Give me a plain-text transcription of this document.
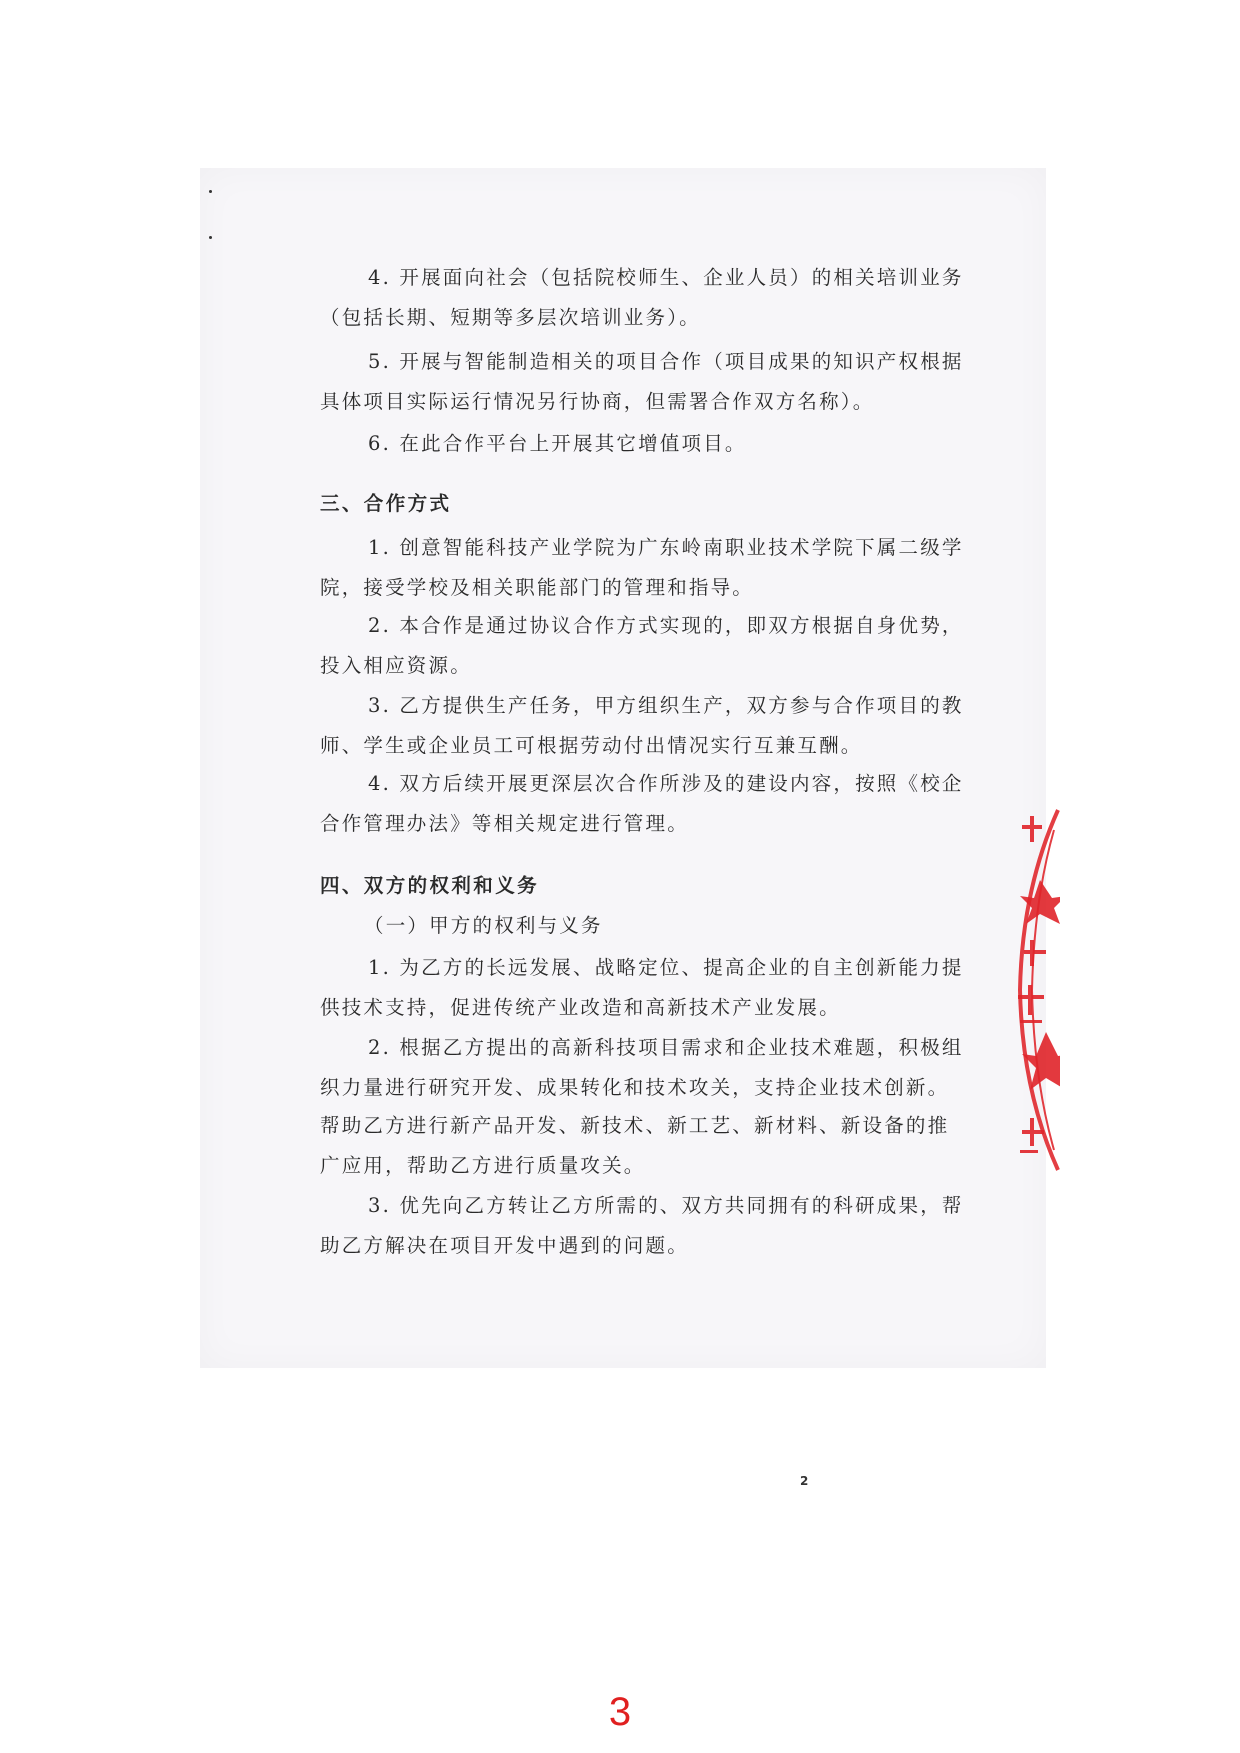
2
4. 开展面向社会（包括院校师生、企业人员）的相关培训业务
（包括长期、短期等多层次培训业务）。
5. 开展与智能制造相关的项目合作（项目成果的知识产权根据
具体项目实际运行情况另行协商，但需署合作双方名称）。
6. 在此合作平台上开展其它增值项目。
三、合作方式
1. 创意智能科技产业学院为广东岭南职业技术学院下属二级学
院，接受学校及相关职能部门的管理和指导。
2. 本合作是通过协议合作方式实现的，即双方根据自身优势，
投入相应资源。
3. 乙方提供生产任务，甲方组织生产，双方参与合作项目的教
师、学生或企业员工可根据劳动付出情况实行互兼互酬。
4. 双方后续开展更深层次合作所涉及的建设内容，按照《校企
合作管理办法》等相关规定进行管理。
四、双方的权利和义务
（一）甲方的权利与义务
1. 为乙方的长远发展、战略定位、提高企业的自主创新能力提
供技术支持，促进传统产业改造和高新技术产业发展。
2. 根据乙方提出的高新科技项目需求和企业技术难题，积极组
织力量进行研究开发、成果转化和技术攻关，支持企业技术创新。
帮助乙方进行新产品开发、新技术、新工艺、新材料、新设备的推
广应用，帮助乙方进行质量攻关。
3. 优先向乙方转让乙方所需的、双方共同拥有的科研成果，帮
助乙方解决在项目开发中遇到的问题。
3
